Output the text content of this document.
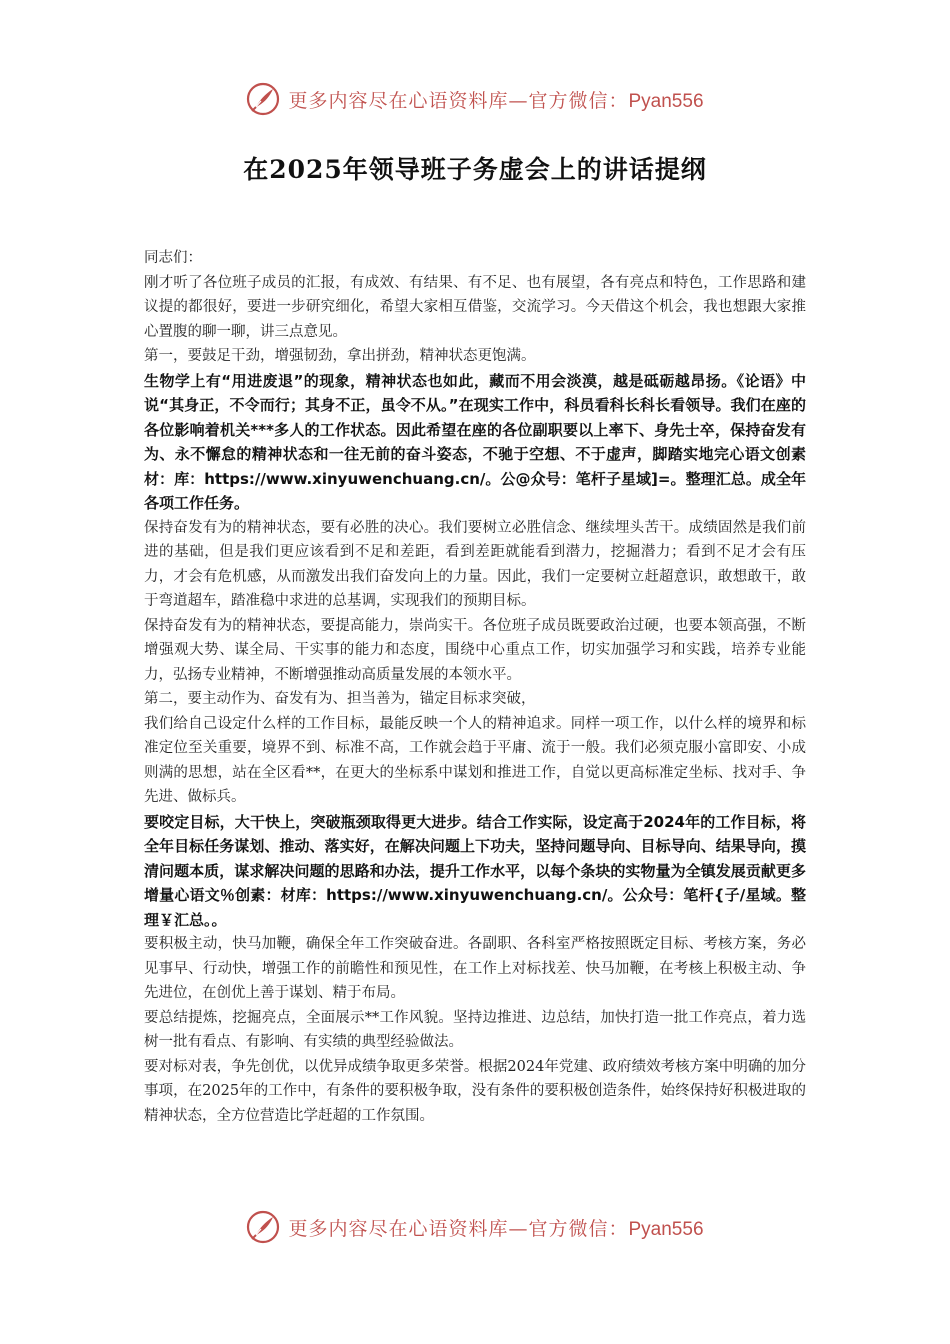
更多内容尽在心语资料库—官方微信：Pyan556
在2025年领导班子务虚会上的讲话提纲

同志们：

刚才听了各位班子成员的汇报，有成效、有结果、有不足、也有展望，各有亮点和特色，工作思路和建议提的都很好，要进一步研究细化，希望大家相互借鉴，交流学习。今天借这个机会，我也想跟大家推心置腹的聊一聊，讲三点意见。

第一，要鼓足干劲，增强韧劲，拿出拼劲，精神状态更饱满。

生物学上有“用进废退”的现象，精神状态也如此，藏而不用会淡漠，越是砥砺越昂扬。《论语》中说“其身正，不令而行；其身不正，虽令不从。”在现实工作中，科员看科长科长看领导。我们在座的各位影响着机关***多人的工作状态。因此希望在座的各位副职要以上率下、身先士卒，保持奋发有为、永不懈怠的精神状态和一往无前的奋斗姿态，不驰于空想、不于虚声，脚踏实地完心语文创素材：库：https://www.xinyuwenchuang.cn/。公@众号：笔杆子星域]=。整理汇总。成全年各项工作任务。

保持奋发有为的精神状态，要有必胜的决心。我们要树立必胜信念、继续埋头苦干。成绩固然是我们前进的基础，但是我们更应该看到不足和差距，看到差距就能看到潜力，挖掘潜力；看到不足才会有压力，才会有危机感，从而激发出我们奋发向上的力量。因此，我们一定要树立赶超意识，敢想敢干，敢于弯道超车，踏准稳中求进的总基调，实现我们的预期目标。

保持奋发有为的精神状态，要提高能力，崇尚实干。各位班子成员既要政治过硬，也要本领高强，不断增强观大势、谋全局、干实事的能力和态度，围绕中心重点工作，切实加强学习和实践，培养专业能力，弘扬专业精神，不断增强推动高质量发展的本领水平。

第二，要主动作为、奋发有为、担当善为，锚定目标求突破，

我们给自己设定什么样的工作目标，最能反映一个人的精神追求。同样一项工作，以什么样的境界和标准定位至关重要，境界不到、标准不高，工作就会趋于平庸、流于一般。我们必须克服小富即安、小成则满的思想，站在全区看**，在更大的坐标系中谋划和推进工作，自觉以更高标准定坐标、找对手、争先进、做标兵。

要咬定目标，大干快上，突破瓶颈取得更大进步。结合工作实际，设定高于2024年的工作目标，将全年目标任务谋划、推动、落实好，在解决问题上下功夫，坚持问题导向、目标导向、结果导向，摸清问题本质，谋求解决问题的思路和办法，提升工作水平，以每个条块的实物量为全镇发展贡献更多增量心语文％创素：材库：https://www.xinyuwenchuang.cn/。公众号：笔杆{子/星域。整理￥汇总。。

要积极主动，快马加鞭，确保全年工作突破奋进。各副职、各科室严格按照既定目标、考核方案，务必见事早、行动快，增强工作的前瞻性和预见性，在工作上对标找差、快马加鞭，在考核上积极主动、争先进位，在创优上善于谋划、精于布局。

要总结提炼，挖掘亮点，全面展示**工作风貌。坚持边推进、边总结，加快打造一批工作亮点，着力选树一批有看点、有影响、有实绩的典型经验做法。

要对标对表，争先创优，以优异成绩争取更多荣誉。根据2024年党建、政府绩效考核方案中明确的加分事项，在2025年的工作中，有条件的要积极争取，没有条件的要积极创造条件，始终保持好积极进取的精神状态，全方位营造比学赶超的工作氛围。

更多内容尽在心语资料库—官方微信：Pyan556
